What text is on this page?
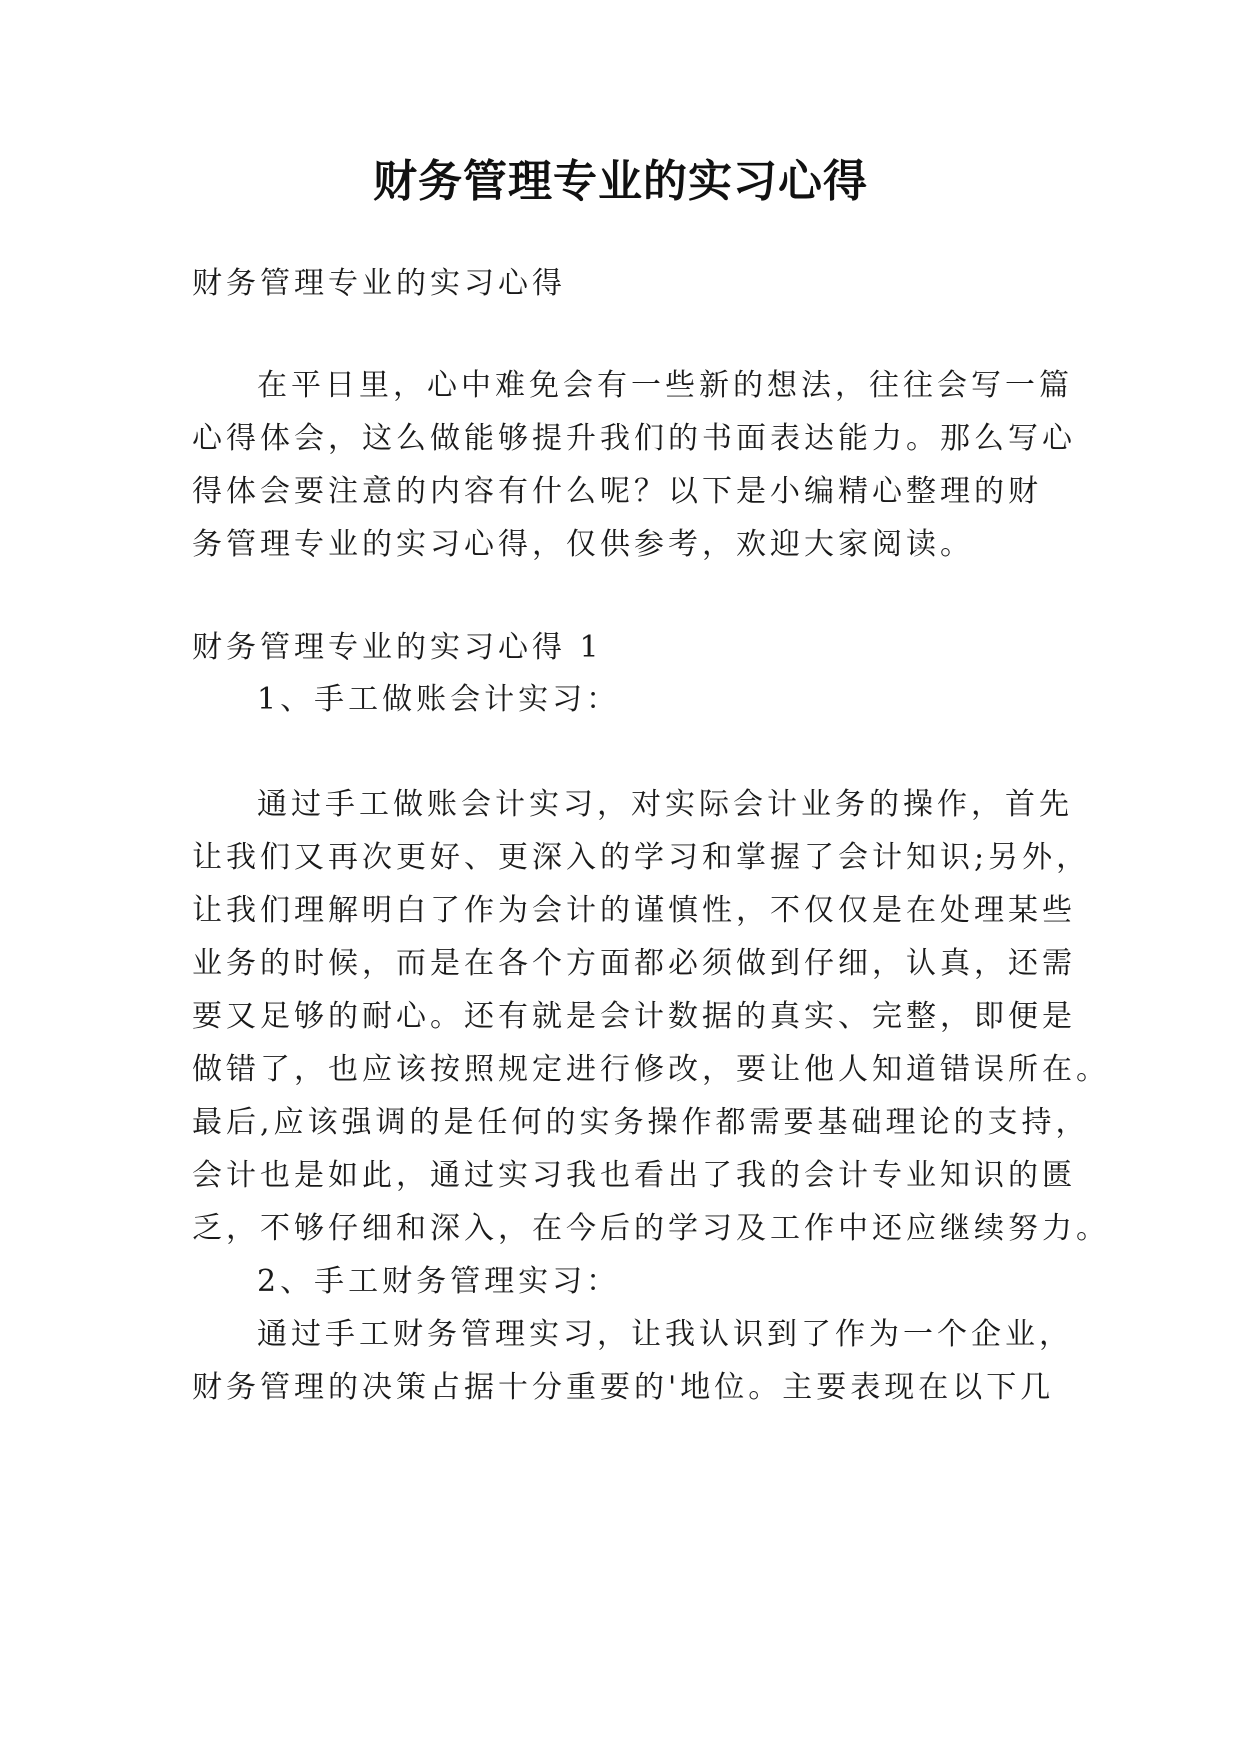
财务管理专业的实习心得
财务管理专业的实习心得
在平日里，心中难免会有一些新的想法，往往会写一篇
心得体会，这么做能够提升我们的书面表达能力。那么写心
得体会要注意的内容有什么呢？以下是小编精心整理的财
务管理专业的实习心得，仅供参考，欢迎大家阅读。
财务管理专业的实习心得 1
1、手工做账会计实习：
通过手工做账会计实习，对实际会计业务的操作，首先
让我们又再次更好、更深入的学习和掌握了会计知识;另外，
让我们理解明白了作为会计的谨慎性，不仅仅是在处理某些
业务的时候，而是在各个方面都必须做到仔细，认真，还需
要又足够的耐心。还有就是会计数据的真实、完整，即便是
做错了，也应该按照规定进行修改，要让他人知道错误所在。
最后,应该强调的是任何的实务操作都需要基础理论的支持，
会计也是如此，通过实习我也看出了我的会计专业知识的匮
乏，不够仔细和深入，在今后的学习及工作中还应继续努力。
2、手工财务管理实习：
通过手工财务管理实习，让我认识到了作为一个企业，
财务管理的决策占据十分重要的'地位。主要表现在以下几
